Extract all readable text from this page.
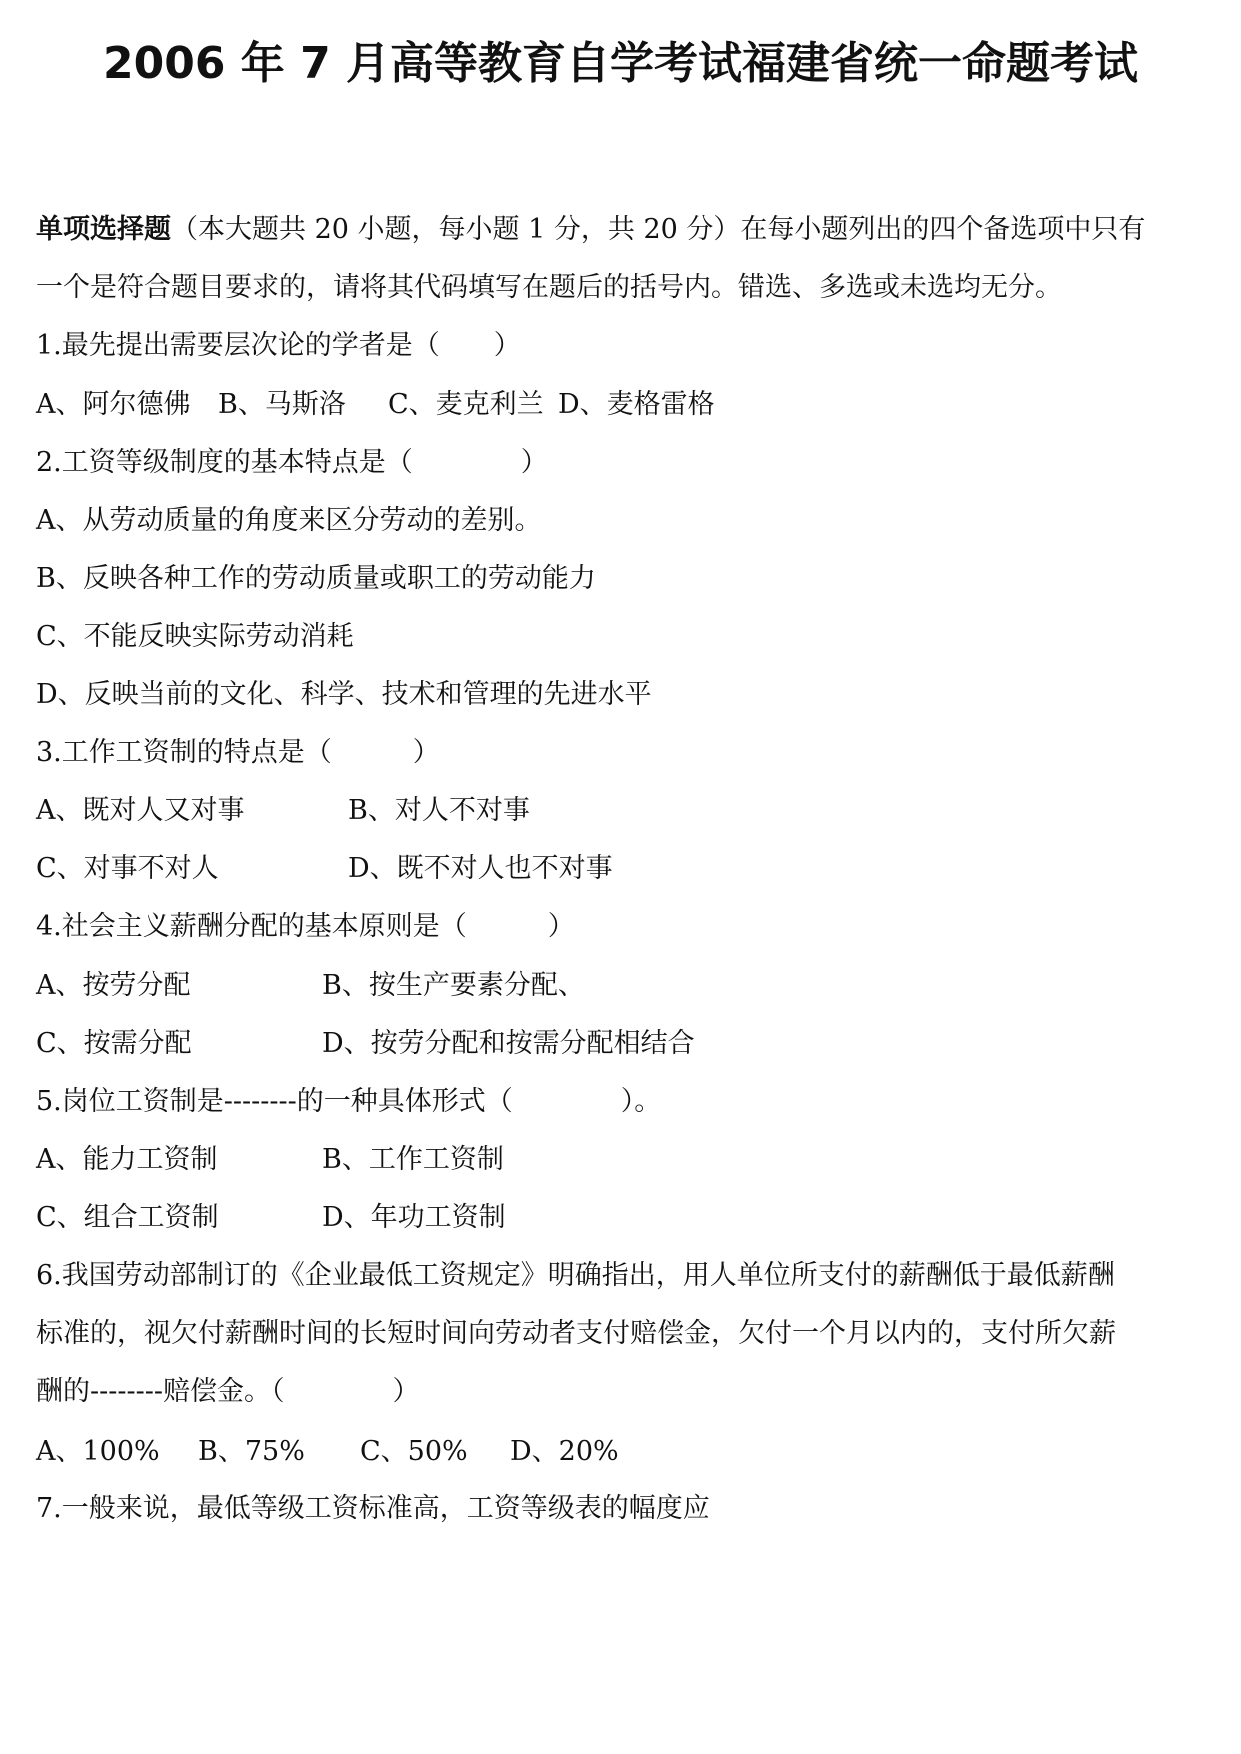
2006 年 7 月高等教育自学考试福建省统一命题考试
单项选择题（本大题共 20 小题，每小题 1 分，共 20 分）在每小题列出的四个备选项中只有
一个是符合题目要求的，请将其代码填写在题后的括号内。错选、多选或未选均无分。
1.最先提出需要层次论的学者是（　　）
A、阿尔德佛 B、马斯洛 C、麦克利兰 D、麦格雷格
2.工资等级制度的基本特点是（　　　　）
A、从劳动质量的角度来区分劳动的差别。
B、反映各种工作的劳动质量或职工的劳动能力
C、不能反映实际劳动消耗
D、反映当前的文化、科学、技术和管理的先进水平
3.工作工资制的特点是（　　　）
A、既对人又对事	B、对人不对事
C、对事不对人	D、既不对人也不对事
4.社会主义薪酬分配的基本原则是（　　　）
A、按劳分配	B、按生产要素分配、
C、按需分配	D、按劳分配和按需分配相结合
5.岗位工资制是--------的一种具体形式（　　　　）。
A、能力工资制	B、工作工资制
C、组合工资制	D、年功工资制
6.我国劳动部制订的《企业最低工资规定》明确指出，用人单位所支付的薪酬低于最低薪酬
标准的，视欠付薪酬时间的长短时间向劳动者支付赔偿金，欠付一个月以内的，支付所欠薪
酬的--------赔偿金。（　　　　）
A、100% B、75% C、50% D、20%
7.一般来说，最低等级工资标准高，工资等级表的幅度应
